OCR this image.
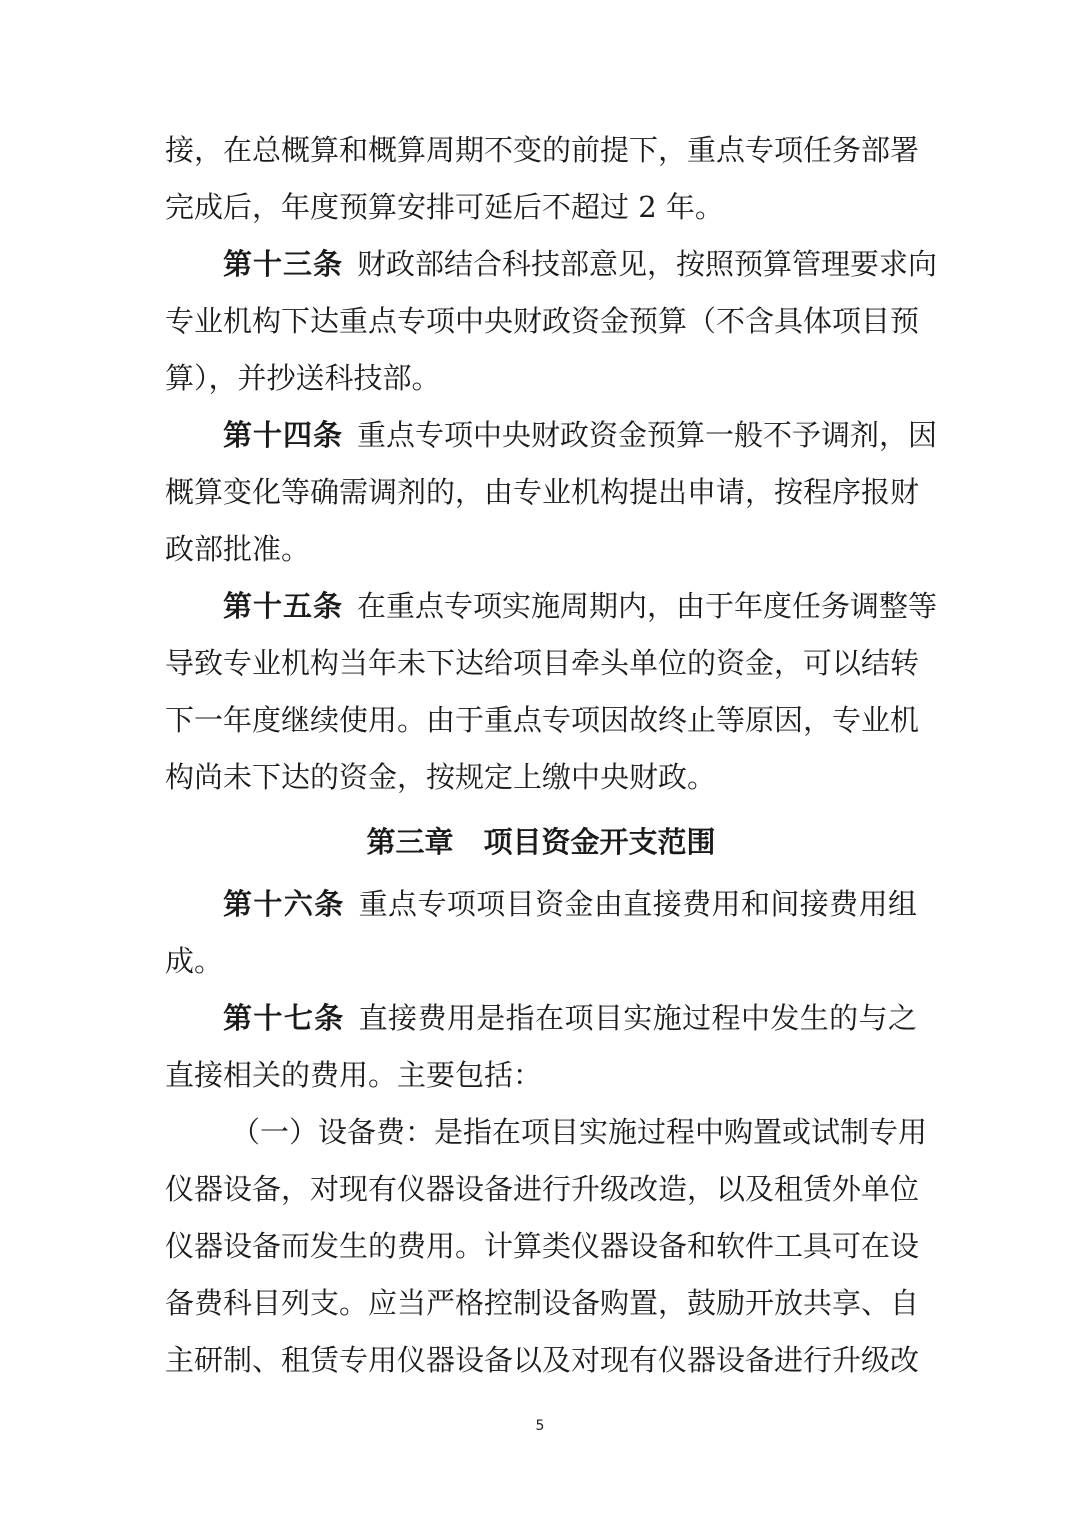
接，在总概算和概算周期不变的前提下，重点专项任务部署
完成后，年度预算安排可延后不超过 2 年。
第十三条 财政部结合科技部意见，按照预算管理要求向
专业机构下达重点专项中央财政资金预算（不含具体项目预
算），并抄送科技部。
第十四条 重点专项中央财政资金预算一般不予调剂，因
概算变化等确需调剂的，由专业机构提出申请，按程序报财
政部批准。
第十五条 在重点专项实施周期内，由于年度任务调整等
导致专业机构当年未下达给项目牵头单位的资金，可以结转
下一年度继续使用。由于重点专项因故终止等原因，专业机
构尚未下达的资金，按规定上缴中央财政。
第三章 项目资金开支范围
第十六条 重点专项项目资金由直接费用和间接费用组
成。
第十七条 直接费用是指在项目实施过程中发生的与之
直接相关的费用。主要包括：
（一）设备费：是指在项目实施过程中购置或试制专用
仪器设备，对现有仪器设备进行升级改造，以及租赁外单位
仪器设备而发生的费用。计算类仪器设备和软件工具可在设
备费科目列支。应当严格控制设备购置，鼓励开放共享、自
主研制、租赁专用仪器设备以及对现有仪器设备进行升级改
5
